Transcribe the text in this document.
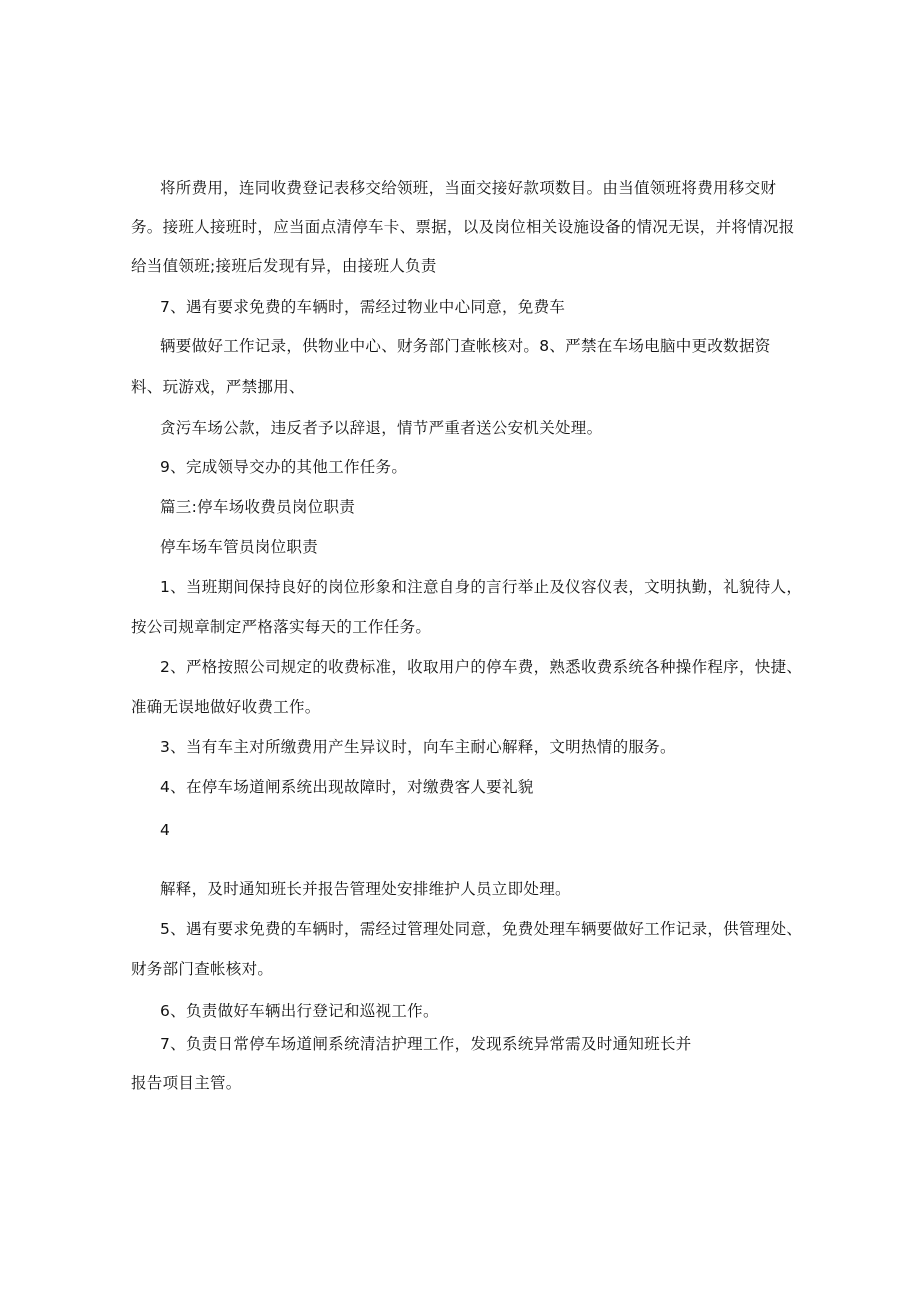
将所费用，连同收费登记表移交给领班，当面交接好款项数目。由当值领班将费用移交财

务。接班人接班时，应当面点清停车卡、票据，以及岗位相关设施设备的情况无误，并将情况报

给当值领班;接班后发现有异，由接班人负责

7、遇有要求免费的车辆时，需经过物业中心同意，免费车

辆要做好工作记录，供物业中心、财务部门查帐核对。8、严禁在车场电脑中更改数据资

料、玩游戏，严禁挪用、

贪污车场公款，违反者予以辞退，情节严重者送公安机关处理。

9、完成领导交办的其他工作任务。

篇三:停车场收费员岗位职责

停车场车管员岗位职责

1、当班期间保持良好的岗位形象和注意自身的言行举止及仪容仪表，文明执勤，礼貌待人，

按公司规章制定严格落实每天的工作任务。

2、严格按照公司规定的收费标准，收取用户的停车费，熟悉收费系统各种操作程序，快捷、

准确无误地做好收费工作。

3、当有车主对所缴费用产生异议时，向车主耐心解释，文明热情的服务。

4、在停车场道闸系统出现故障时，对缴费客人要礼貌

4

解释，及时通知班长并报告管理处安排维护人员立即处理。

5、遇有要求免费的车辆时，需经过管理处同意，免费处理车辆要做好工作记录，供管理处、

财务部门查帐核对。

6、负责做好车辆出行登记和巡视工作。

7、负责日常停车场道闸系统清洁护理工作，发现系统异常需及时通知班长并

报告项目主管。
